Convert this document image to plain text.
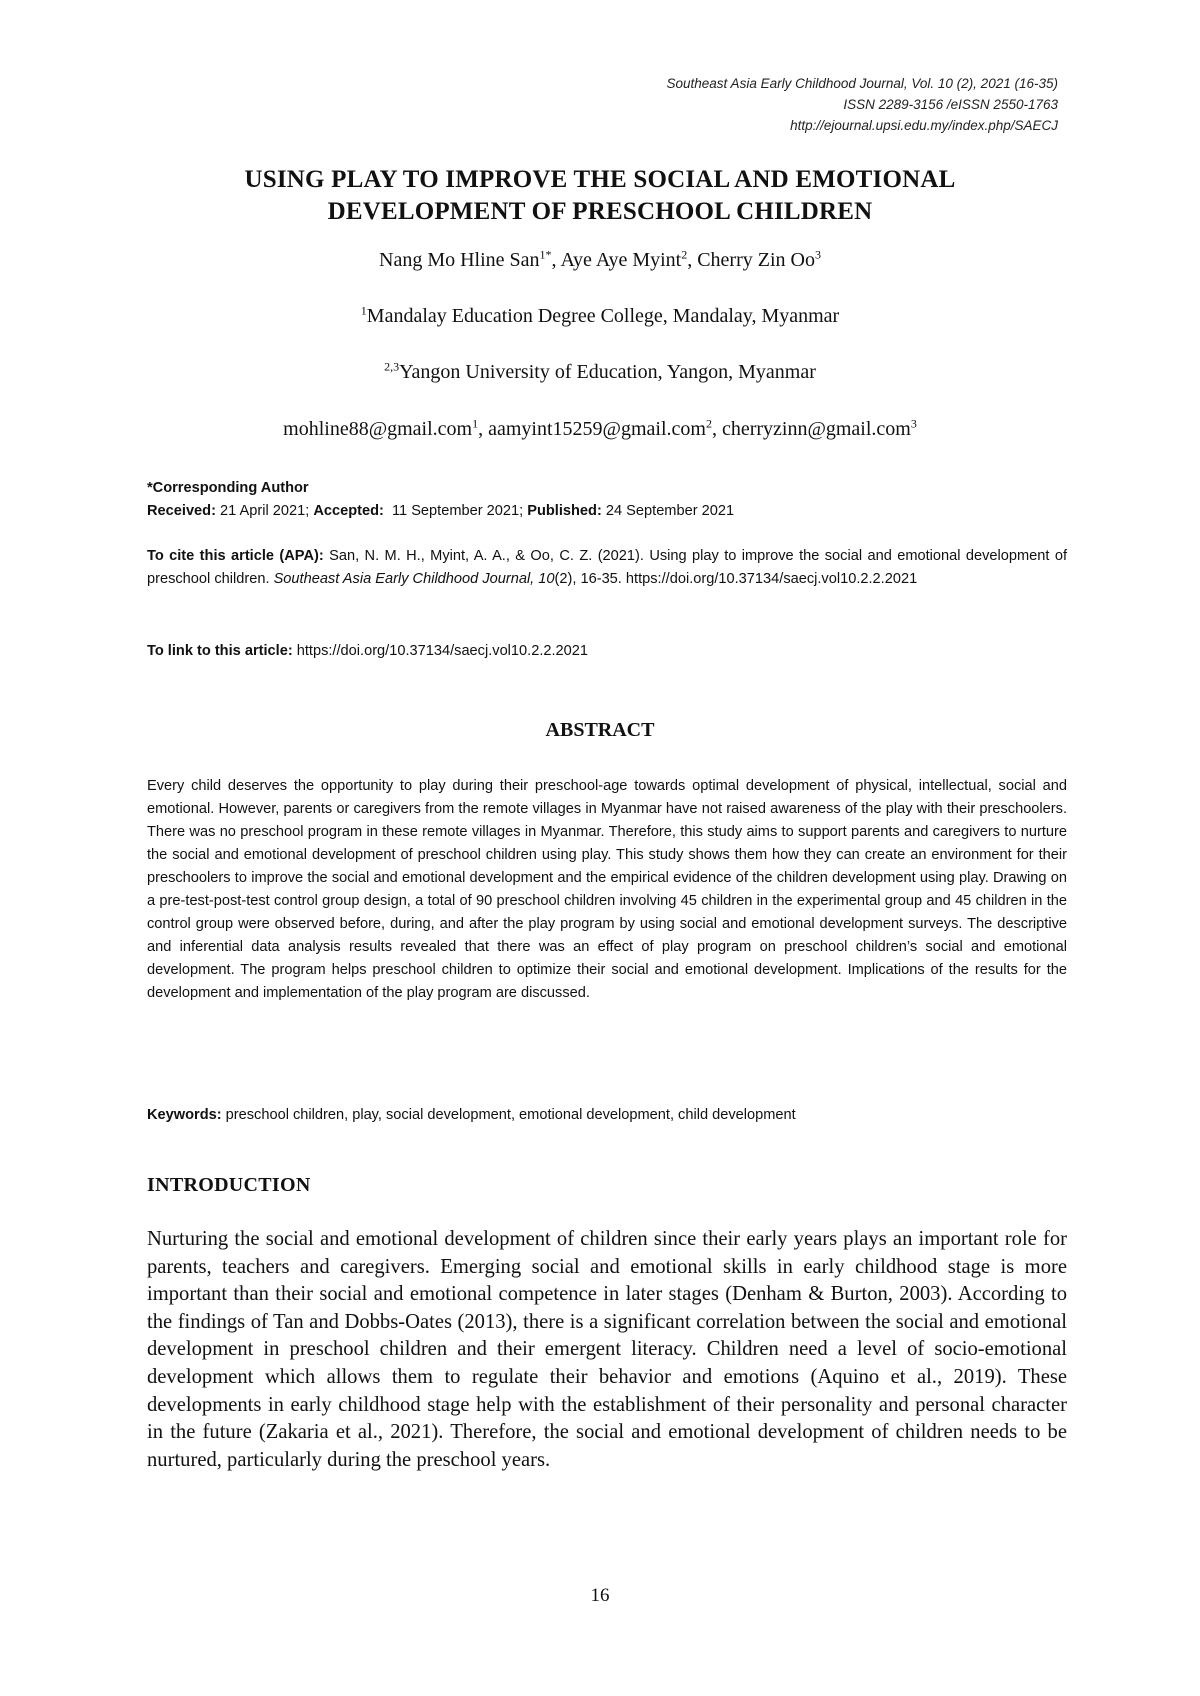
Southeast Asia Early Childhood Journal, Vol. 10 (2), 2021 (16-35)
ISSN 2289-3156 /eISSN 2550-1763
http://ejournal.upsi.edu.my/index.php/SAECJ
USING PLAY TO IMPROVE THE SOCIAL AND EMOTIONAL
DEVELOPMENT OF PRESCHOOL CHILDREN
Nang Mo Hline San$^{1*}$, Aye Aye Myint$^2$, Cherry Zin Oo$^3$
$^1$Mandalay Education Degree College, Mandalay, Myanmar
$^{2,3}$Yangon University of Education, Yangon, Myanmar
mohline88@gmail.com$^1$, aamyint15259@gmail.com$^2$, cherryzinn@gmail.com$^3$
*Corresponding Author
Received: 21 April 2021; Accepted:  11 September 2021; Published: 24 September 2021
To cite this article (APA): San, N. M. H., Myint, A. A., & Oo, C. Z. (2021). Using play to improve the social and emotional development of preschool children. Southeast Asia Early Childhood Journal, 10(2), 16-35. https://doi.org/10.37134/saecj.vol10.2.2.2021
To link to this article: https://doi.org/10.37134/saecj.vol10.2.2.2021
ABSTRACT
Every child deserves the opportunity to play during their preschool-age towards optimal development of physical, intellectual, social and emotional. However, parents or caregivers from the remote villages in Myanmar have not raised awareness of the play with their preschoolers. There was no preschool program in these remote villages in Myanmar. Therefore, this study aims to support parents and caregivers to nurture the social and emotional development of preschool children using play. This study shows them how they can create an environment for their preschoolers to improve the social and emotional development and the empirical evidence of the children development using play. Drawing on a pre-test-post-test control group design, a total of 90 preschool children involving 45 children in the experimental group and 45 children in the control group were observed before, during, and after the play program by using social and emotional development surveys. The descriptive and inferential data analysis results revealed that there was an effect of play program on preschool children’s social and emotional development. The program helps preschool children to optimize their social and emotional development. Implications of the results for the development and implementation of the play program are discussed.
Keywords: preschool children, play, social development, emotional development, child development
INTRODUCTION
Nurturing the social and emotional development of children since their early years plays an important role for parents, teachers and caregivers. Emerging social and emotional skills in early childhood stage is more important than their social and emotional competence in later stages (Denham & Burton, 2003). According to the findings of Tan and Dobbs-Oates (2013), there is a significant correlation between the social and emotional development in preschool children and their emergent literacy. Children need a level of socio-emotional development which allows them to regulate their behavior and emotions (Aquino et al., 2019). These developments in early childhood stage help with the establishment of their personality and personal character in the future (Zakaria et al., 2021). Therefore, the social and emotional development of children needs to be nurtured, particularly during the preschool years.
16
